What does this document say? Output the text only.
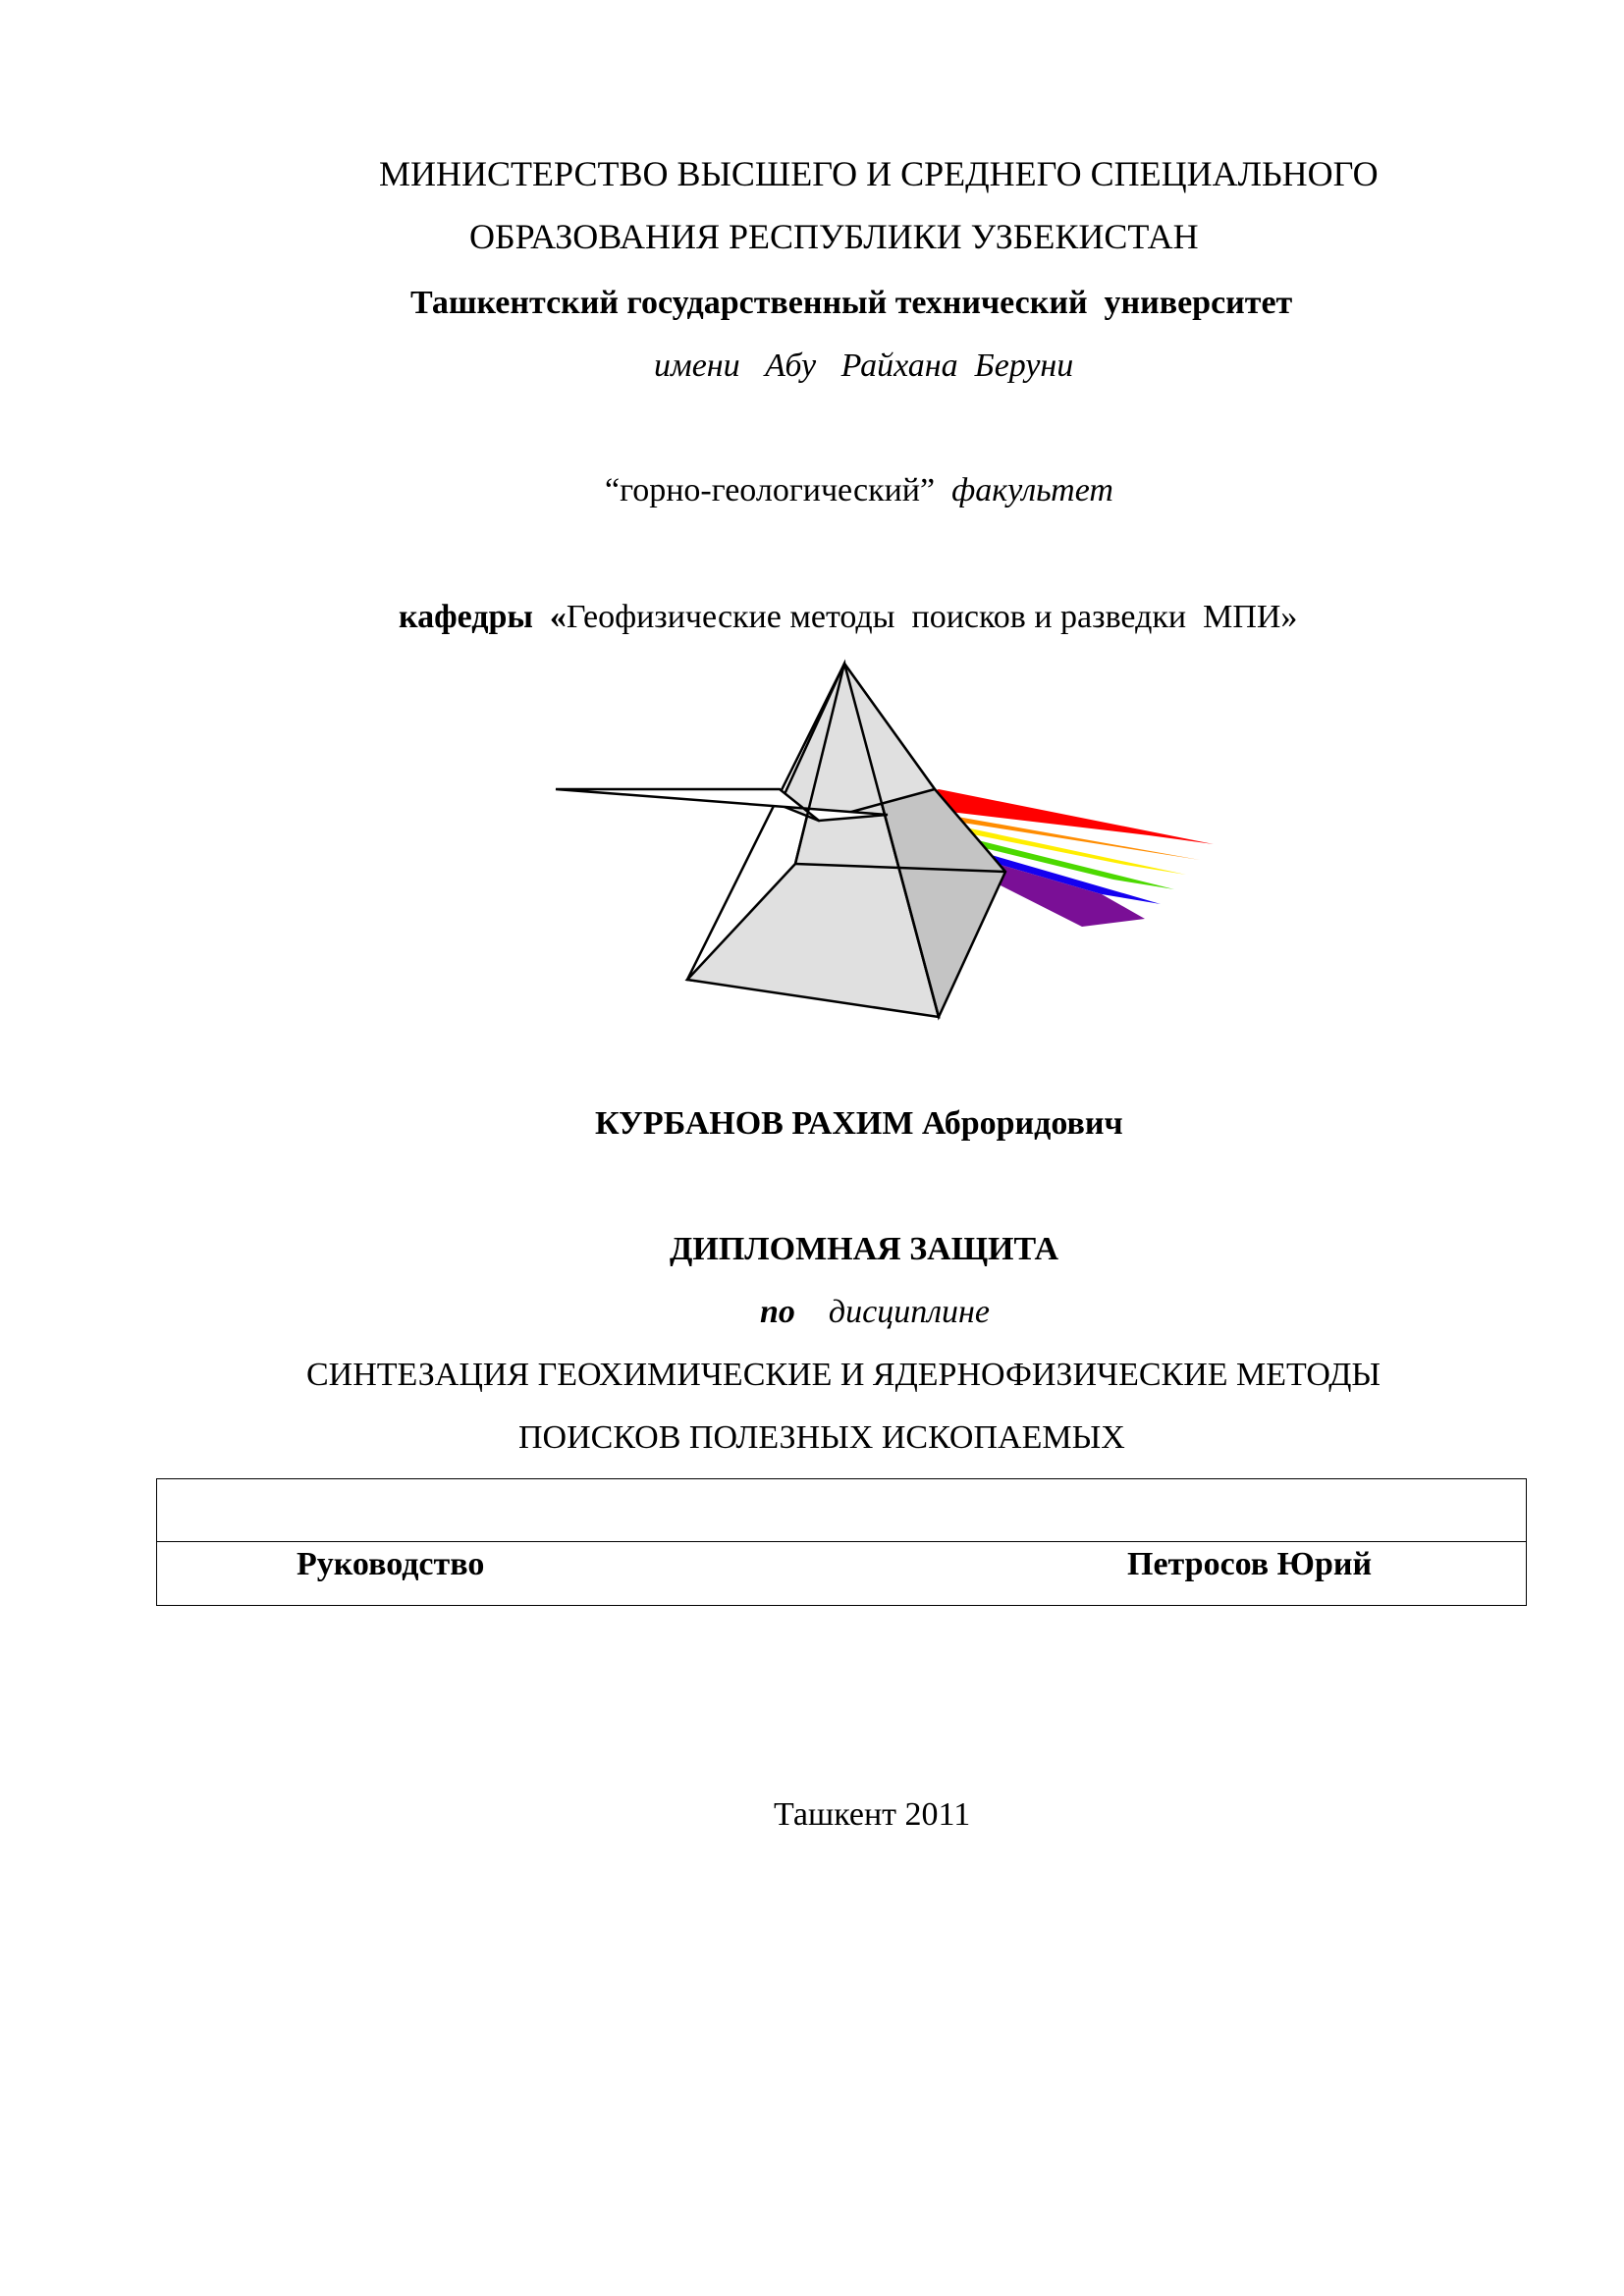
МИНИСТЕРСТВО ВЫСШЕГО И СРЕДНЕГО СПЕЦИАЛЬНОГО
ОБРАЗОВАНИЯ РЕСПУБЛИКИ УЗБЕКИСТАН
Ташкентский государственный технический  университет
имени   Абу   Райхана  Беруни
“горно-геологический” факультет
кафедры «Геофизические методы  поисков и разведки  МПИ»
КУРБАНОВ РАХИМ Аброридович
ДИПЛОМНАЯ ЗАЩИТА
по дисциплине
СИНТЕЗАЦИЯ ГЕОХИМИЧЕСКИЕ И ЯДЕРНОФИЗИЧЕСКИЕ МЕТОДЫ
ПОИСКОВ ПОЛЕЗНЫХ ИСКОПАЕМЫХ
Руководство	Петросов Юрий
Ташкент 2011
